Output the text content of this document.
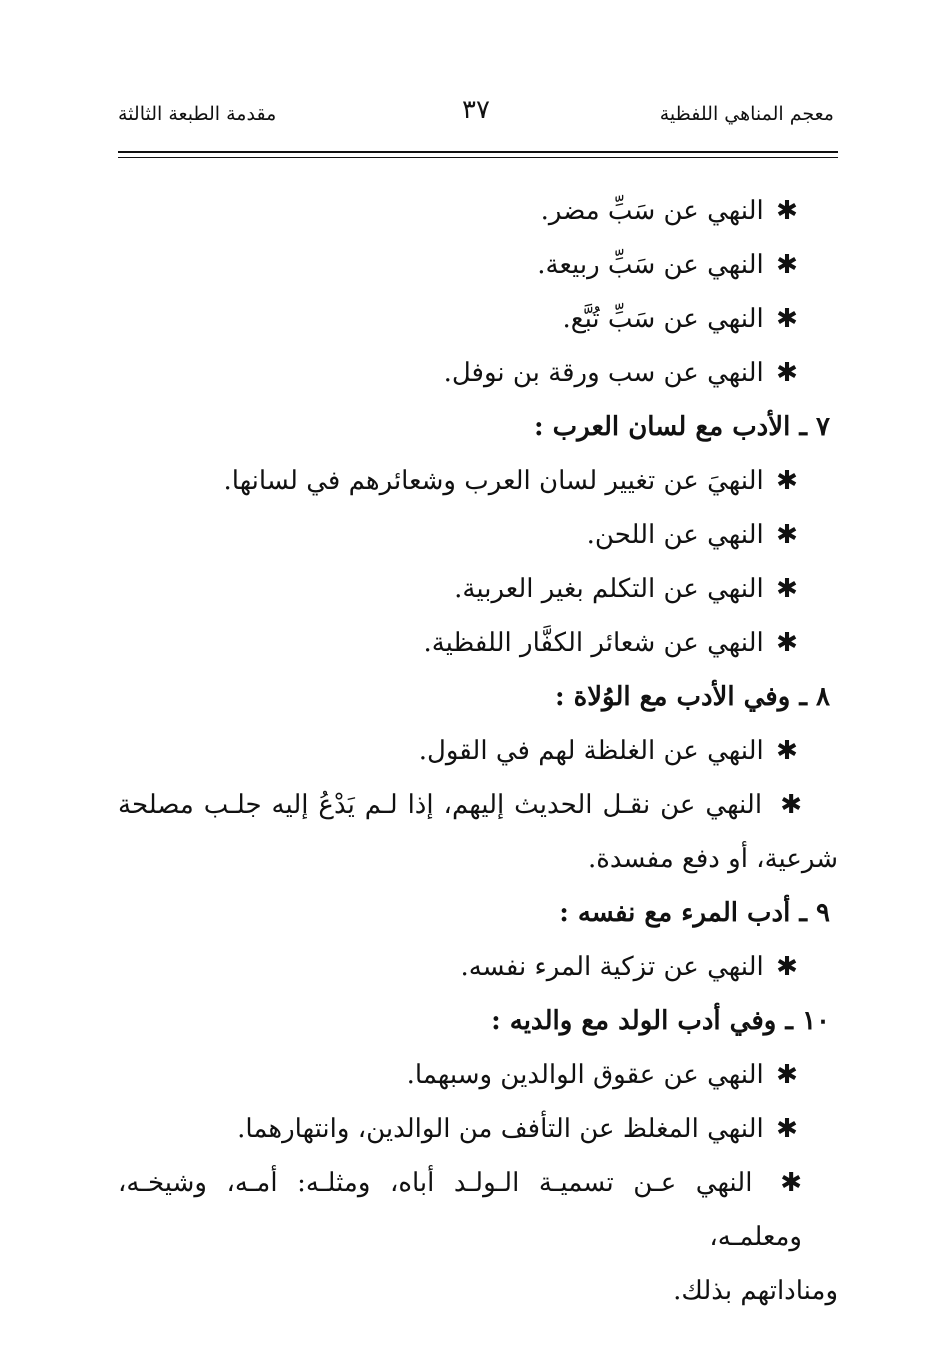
معجم المناهي اللفظية
٣٧
مقدمة الطبعة الثالثة
✱ النهي عن سَبِّ مضر.
✱ النهي عن سَبِّ ربيعة.
✱ النهي عن سَبِّ تُبَّع.
✱ النهي عن سب ورقة بن نوفل.
٧ ـ الأدب مع لسان العرب :
✱ النهيَ عن تغيير لسان العرب وشعائرهم في لسانها.
✱ النهي عن اللحن.
✱ النهي عن التكلم بغير العربية.
✱ النهي عن شعائر الكفَّار اللفظية.
٨ ـ وفي الأدب مع الوُلاة :
✱ النهي عن الغلظة لهم في القول.
✱ النهي عن نقـل الحديث إليهم، إذا لـم يَدْعُ إليه جلـب مصلحة
شرعية، أو دفع مفسدة.
٩ ـ أدب المرء مع نفسه :
✱ النهي عن تزكية المرء نفسه.
١٠ ـ وفي أدب الولد مع والديه :
✱ النهي عن عقوق الوالدين وسبهما.
✱ النهي المغلظ عن التأفف من الوالدين، وانتهارهما.
✱ النهي عـن تسميـة الـولـد أباه، ومثلـه: أمـه، وشيخـه، ومعلمـه،
ومناداتهم بذلك.
